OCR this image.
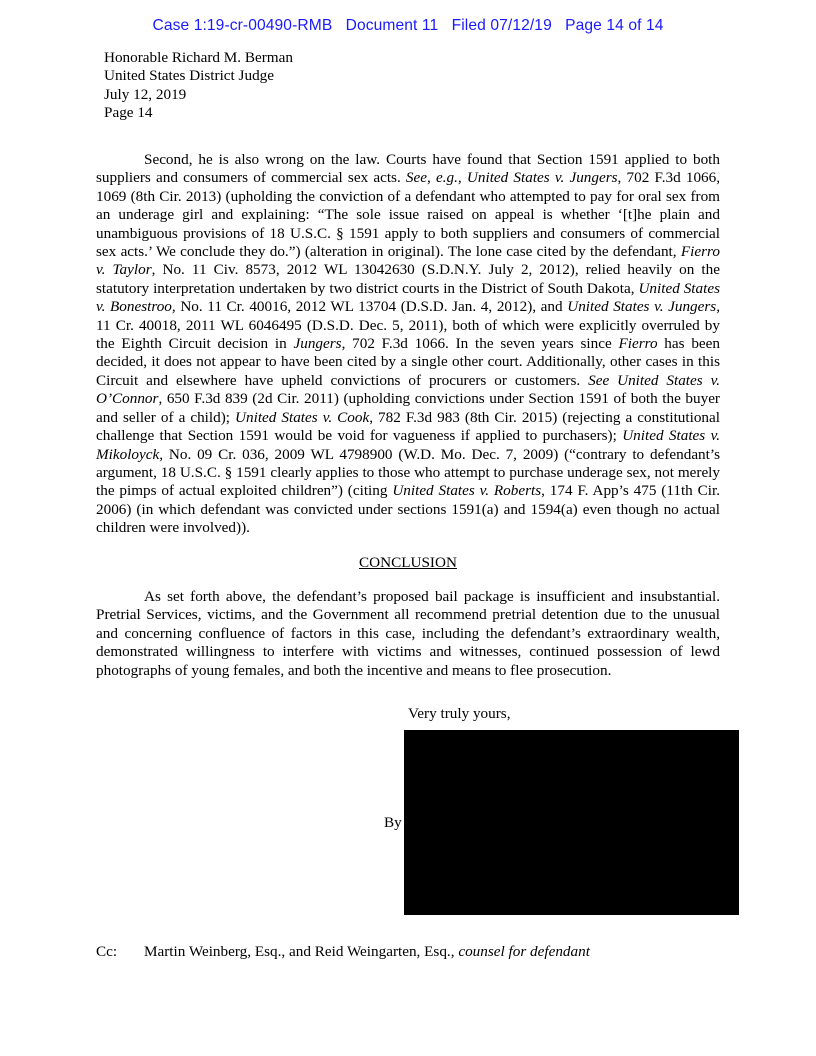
Case 1:19-cr-00490-RMB   Document 11   Filed 07/12/19   Page 14 of 14
Honorable Richard M. Berman
United States District Judge
July 12, 2019
Page 14

Second, he is also wrong on the law. Courts have found that Section 1591 applied to both suppliers and consumers of commercial sex acts. See, e.g., United States v. Jungers, 702 F.3d 1066, 1069 (8th Cir. 2013) (upholding the conviction of a defendant who attempted to pay for oral sex from an underage girl and explaining: “The sole issue raised on appeal is whether ‘[t]he plain and unambiguous provisions of 18 U.S.C. § 1591 apply to both suppliers and consumers of commercial sex acts.’ We conclude they do.”) (alteration in original). The lone case cited by the defendant, Fierro v. Taylor, No. 11 Civ. 8573, 2012 WL 13042630 (S.D.N.Y. July 2, 2012), relied heavily on the statutory interpretation undertaken by two district courts in the District of South Dakota, United States v. Bonestroo, No. 11 Cr. 40016, 2012 WL 13704 (D.S.D. Jan. 4, 2012), and United States v. Jungers, 11 Cr. 40018, 2011 WL 6046495 (D.S.D. Dec. 5, 2011), both of which were explicitly overruled by the Eighth Circuit decision in Jungers, 702 F.3d 1066. In the seven years since Fierro has been decided, it does not appear to have been cited by a single other court. Additionally, other cases in this Circuit and elsewhere have upheld convictions of procurers or customers. See United States v. O’Connor, 650 F.3d 839 (2d Cir. 2011) (upholding convictions under Section 1591 of both the buyer and seller of a child); United States v. Cook, 782 F.3d 983 (8th Cir. 2015) (rejecting a constitutional challenge that Section 1591 would be void for vagueness if applied to purchasers); United States v. Mikoloyck, No. 09 Cr. 036, 2009 WL 4798900 (W.D. Mo. Dec. 7, 2009) (“contrary to defendant’s argument, 18 U.S.C. § 1591 clearly applies to those who attempt to purchase underage sex, not merely the pimps of actual exploited children”) (citing United States v. Roberts, 174 F. App’s 475 (11th Cir. 2006) (in which defendant was convicted under sections 1591(a) and 1594(a) even though no actual children were involved)).

CONCLUSION

As set forth above, the defendant’s proposed bail package is insufficient and insubstantial. Pretrial Services, victims, and the Government all recommend pretrial detention due to the unusual and concerning confluence of factors in this case, including the defendant’s extraordinary wealth, demonstrated willingness to interfere with victims and witnesses, continued possession of lewd photographs of young females, and both the incentive and means to flee prosecution.

Very truly yours,
By
Cc: Martin Weinberg, Esq., and Reid Weingarten, Esq., counsel for defendant
